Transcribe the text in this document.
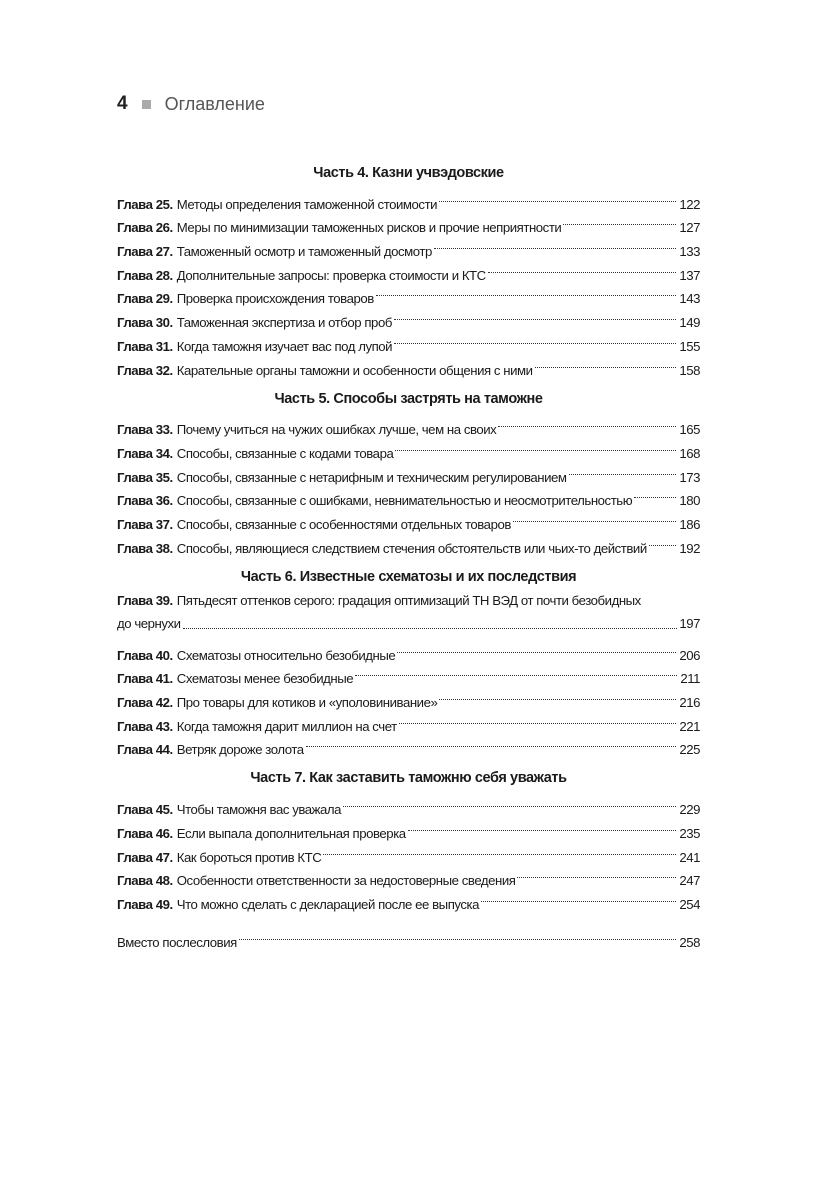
4 Оглавление
Часть 4. Казни учвэдовские
Глава 25. Методы определения таможенной стоимости	122
Глава 26. Меры по минимизации таможенных рисков и прочие неприятности	127
Глава 27. Таможенный осмотр и таможенный досмотр	133
Глава 28. Дополнительные запросы: проверка стоимости и КТС	137
Глава 29. Проверка происхождения товаров	143
Глава 30. Таможенная экспертиза и отбор проб	149
Глава 31. Когда таможня изучает вас под лупой	155
Глава 32. Карательные органы таможни и особенности общения с ними	158
Часть 5. Способы застрять на таможне
Глава 33. Почему учиться на чужих ошибках лучше, чем на своих	165
Глава 34. Способы, связанные с кодами товара	168
Глава 35. Способы, связанные с нетарифным и техническим регулированием	173
Глава 36. Способы, связанные с ошибками, невнимательностью и неосмотрительностью	180
Глава 37. Способы, связанные с особенностями отдельных товаров	186
Глава 38. Способы, являющиеся следствием стечения обстоятельств или чьих-то действий 192
Часть 6. Известные схематозы и их последствия
Глава 39. Пятьдесят оттенков серого: градация оптимизаций ТН ВЭД от почти безобидных
до чернухи	197
Глава 40. Схематозы относительно безобидные	206
Глава 41. Схематозы менее безобидные	211
Глава 42. Про товары для котиков и «уполовинивание»	216
Глава 43. Когда таможня дарит миллион на счет	221
Глава 44. Ветряк дороже золота	225
Часть 7. Как заставить таможню себя уважать
Глава 45. Чтобы таможня вас уважала	229
Глава 46. Если выпала дополнительная проверка	235
Глава 47. Как бороться против КТС	241
Глава 48. Особенности ответственности за недостоверные сведения	247
Глава 49. Что можно сделать с декларацией после ее выпуска	254
Вместо послесловия	258
